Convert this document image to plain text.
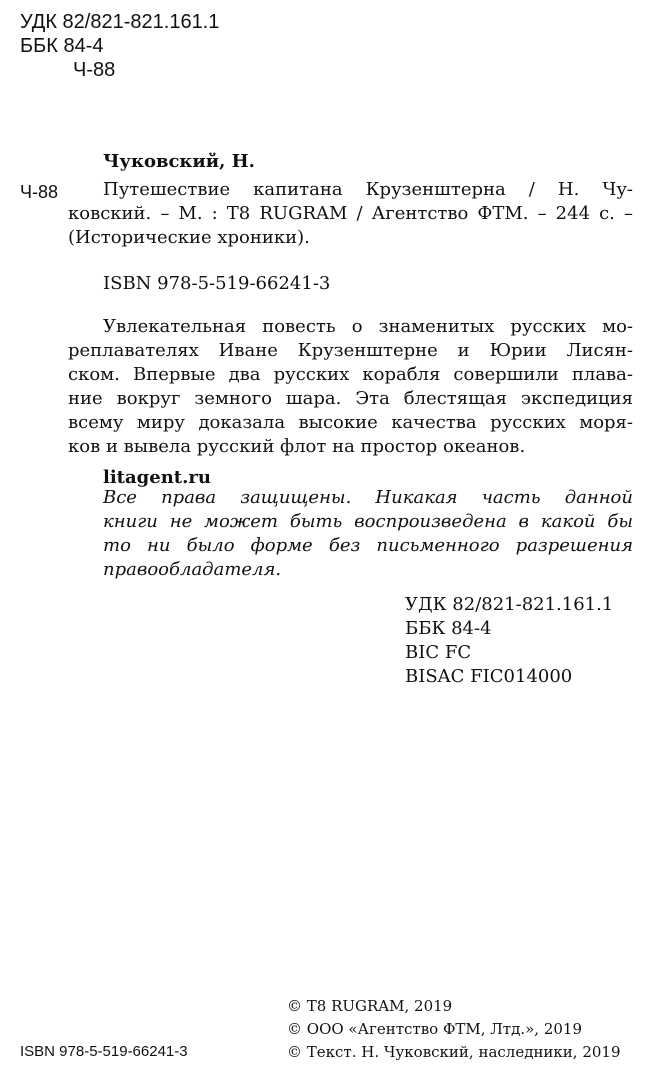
УДК 82/821-821.161.1
ББК 84-4
Ч-88
Чуковский, Н.
Ч-88 Путешествие капитана Крузенштерна / Н. Чу-
ковский. – М. : Т8 RUGRAM / Агентство ФТМ. – 244 с. –
(Исторические хроники).
ISBN 978-5-519-66241-3
Увлекательная повесть о знаменитых русских мо-
реплавателях Иване Крузенштерне и Юрии Лисян-
ском. Впервые два русских корабля совершили плава-
ние вокруг земного шара. Эта блестящая экспедиция
всему миру доказала высокие качества русских моря-
ков и вывела русский флот на простор океанов.
litagent.ru
Все права защищены. Никакая часть данной
книги не может быть воспроизведена в какой бы
то ни было форме без письменного разрешения
правообладателя.
УДК 82/821-821.161.1
ББК 84-4
BIC FC
BISAC FIC014000
© Т8 RUGRAM, 2019
© ООО «Агентство ФТМ, Лтд.», 2019
© Текст. Н. Чуковский, наследники, 2019
ISBN 978-5-519-66241-3
